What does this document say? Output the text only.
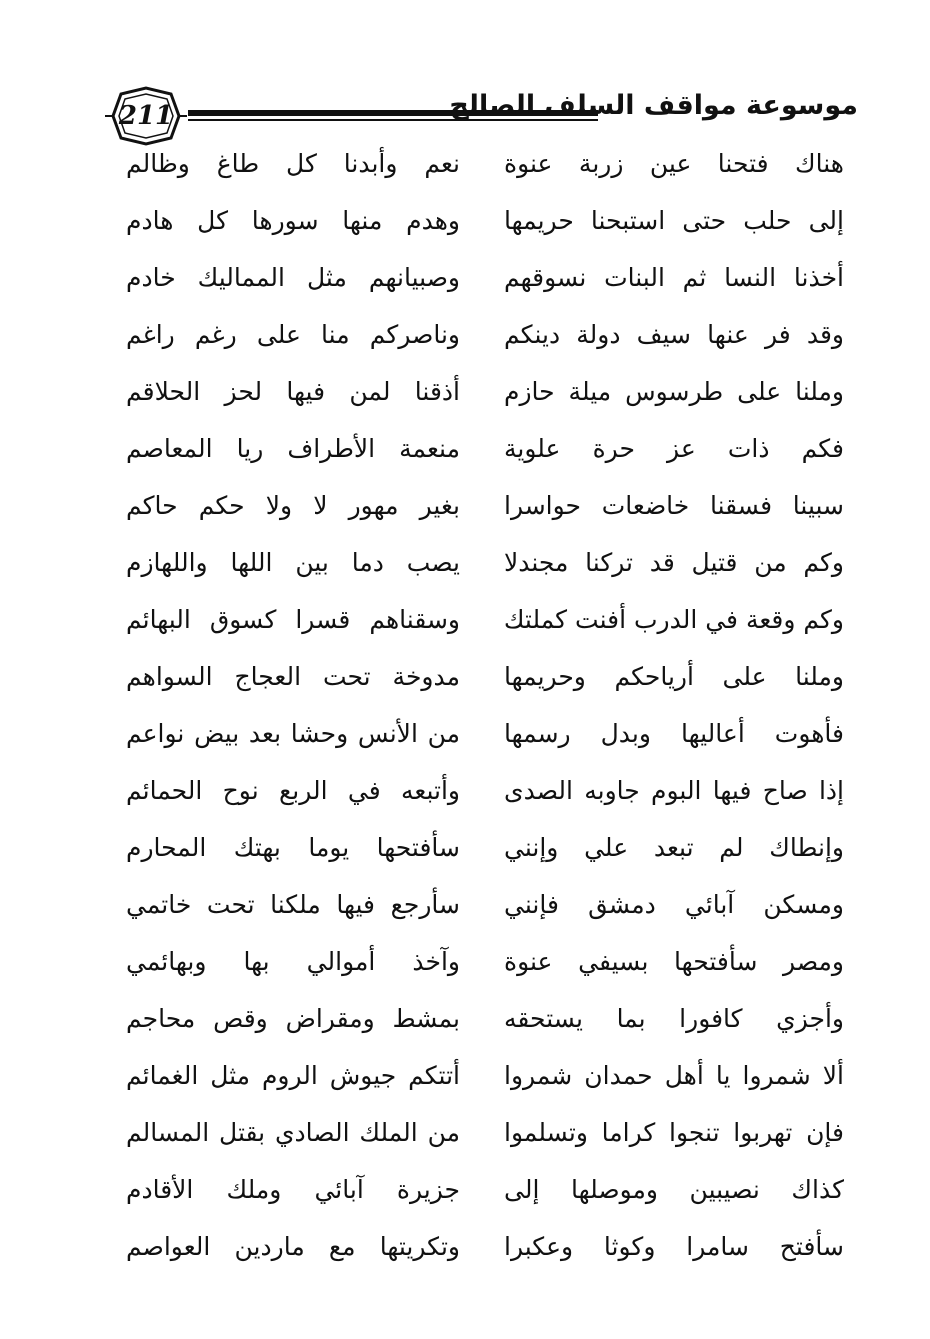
211	موسوعة مواقف السلف الصالح
هناك فتحنا عين زربة عنوة
نعم وأبدنا كل طاغ وظالم
إلى حلب حتى استبحنا حريمها
وهدم منها سورها كل هادم
أخذنا النسا ثم البنات نسوقهم
وصبيانهم مثل المماليك خادم
وقد فر عنها سيف دولة دينكم
وناصركم منا على رغم راغم
وملنا على طرسوس ميلة حازم
أذقنا لمن فيها لحز الحلاقم
فكم ذات عز حرة علوية
منعمة الأطراف ريا المعاصم
سبينا فسقنا خاضعات حواسرا
بغير مهور لا ولا حكم حاكم
وكم من قتيل قد تركنا مجندلا
يصب دما بين اللها واللهازم
وكم وقعة في الدرب أفنت كملتك
وسقناهم قسرا كسوق البهائم
وملنا على أرياحكم وحريمها
مدوخة تحت العجاج السواهم
فأهوت أعاليها وبدل رسمها
من الأنس وحشا بعد بيض نواعم
إذا صاح فيها البوم جاوبه الصدى
وأتبعه في الربع نوح الحمائم
وإنطاك لم تبعد علي وإنني
سأفتحها يوما بهتك المحارم
ومسكن آبائي دمشق فإنني
سأرجع فيها ملكنا تحت خاتمي
ومصر سأفتحها بسيفي عنوة
وآخذ أموالي بها وبهائمي
وأجزي كافورا بما يستحقه
بمشط ومقراض وقص محاجم
ألا شمروا يا أهل حمدان شمروا
أتتكم جيوش الروم مثل الغمائم
فإن تهربوا تنجوا كراما وتسلموا
من الملك الصادي بقتل المسالم
كذاك نصيبين وموصلها إلى
جزيرة آبائي وملك الأقادم
سأفتح سامرا وكوثا وعكبرا
وتكريتها مع ماردين العواصم
